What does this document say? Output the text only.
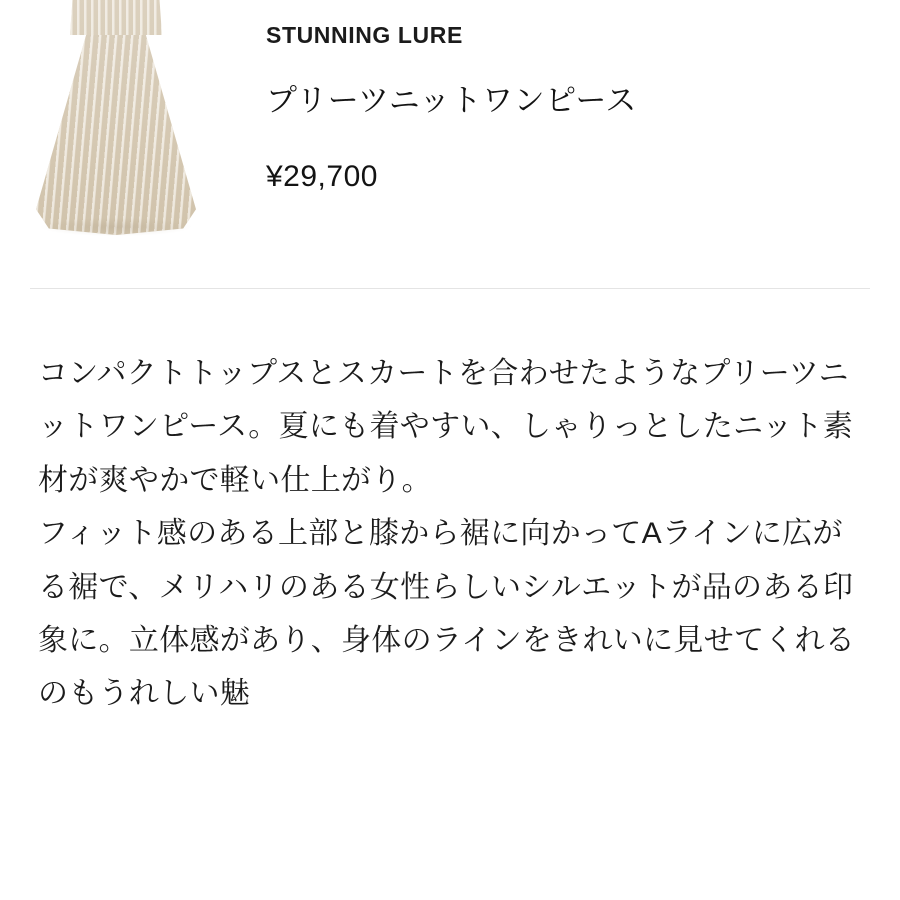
STUNNING LURE
プリーツニットワンピース
¥29,700

コンパクトトップスとスカートを合わせたようなプリーツニットワンピース。夏にも着やすい、しゃりっとしたニット素材が爽やかで軽い仕上がり。

フィット感のある上部と膝から裾に向かってAラインに広がる裾で、メリハリのある女性らしいシルエットが品のある印象に。立体感があり、身体のラインをきれいに見せてくれるのもうれしい魅
